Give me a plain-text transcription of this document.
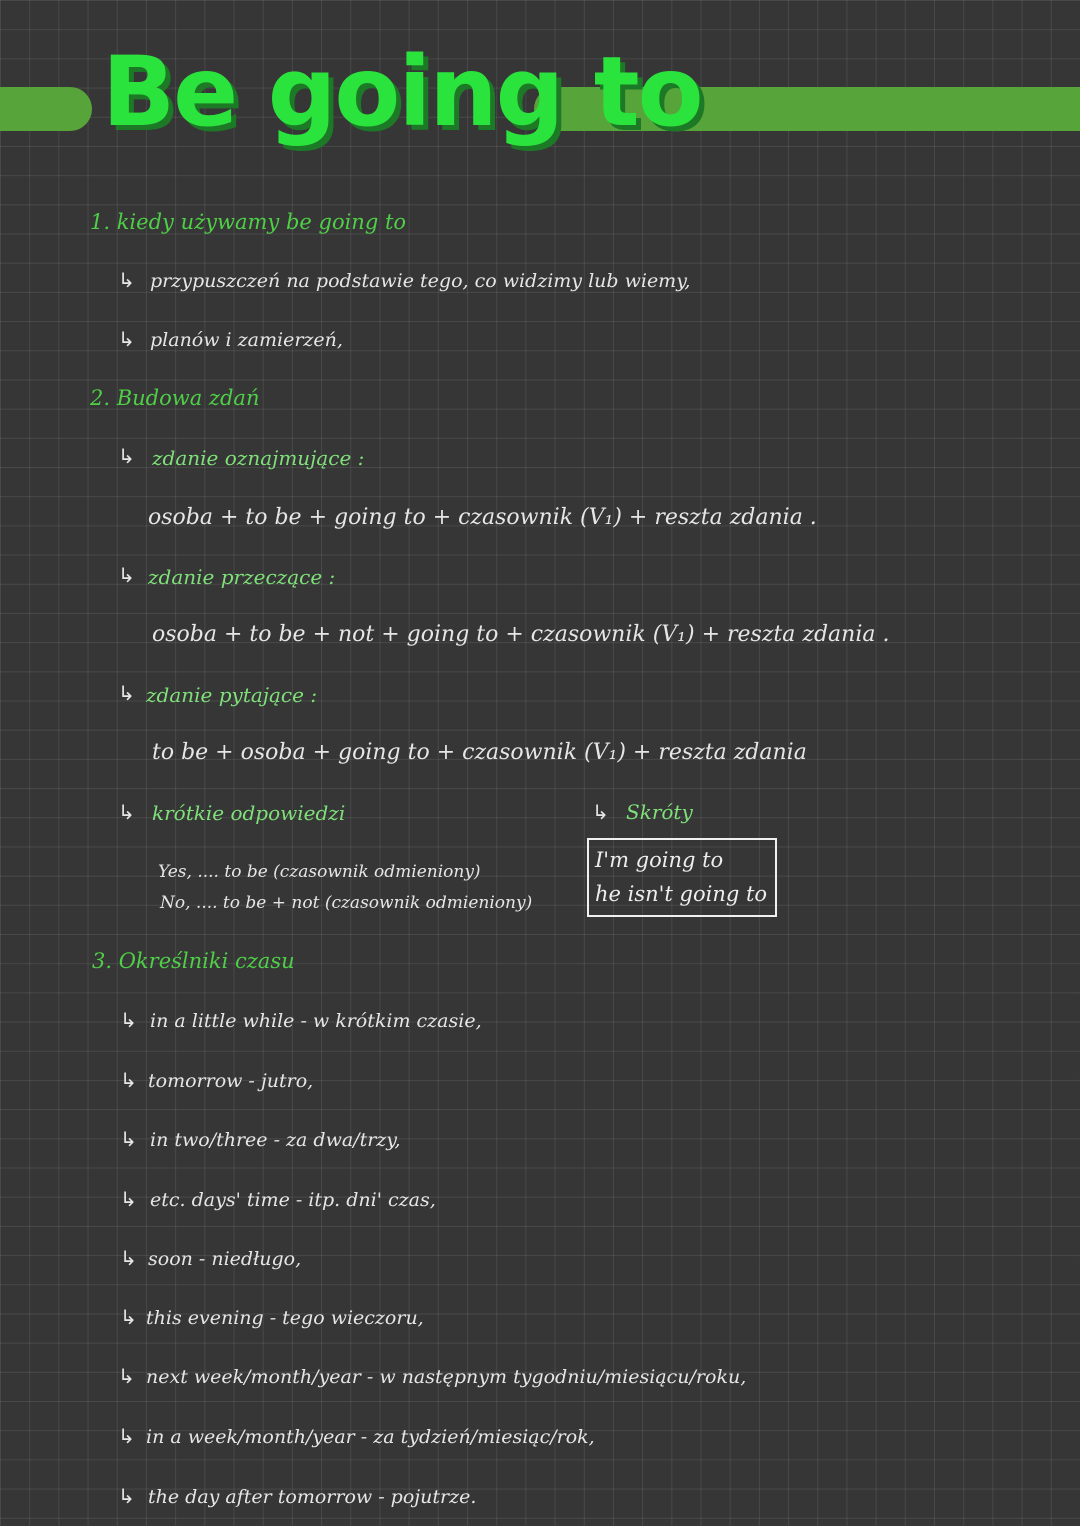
Be going to
1. kiedy używamy be going to
↳ przypuszczeń na podstawie tego, co widzimy lub wiemy,
↳ planów i zamierzeń,
2. Budowa zdań
↳ zdanie oznajmujące :
osoba + to be + going to + czasownik (V₁) + reszta zdania .
↳ zdanie przeczące :
osoba + to be + not + going to + czasownik (V₁) + reszta zdania .
↳ zdanie pytające :
to be + osoba + going to + czasownik (V₁) + reszta zdania
↳ krótkie odpowiedzi
Yes, .... to be (czasownik odmieniony)
No, .... to be + not (czasownik odmieniony)
↳ Skróty
I'm going to
he isn't going to
3. Określniki czasu
↳ in a little while - w krótkim czasie,
↳ tomorrow - jutro,
↳ in two/three - za dwa/trzy,
↳ etc. days' time - itp. dni' czas,
↳ soon - niedługo,
↳ this evening - tego wieczoru,
↳ next week/month/year - w następnym tygodniu/miesiącu/roku,
↳ in a week/month/year - za tydzień/miesiąc/rok,
↳ the day after tomorrow - pojutrze.
